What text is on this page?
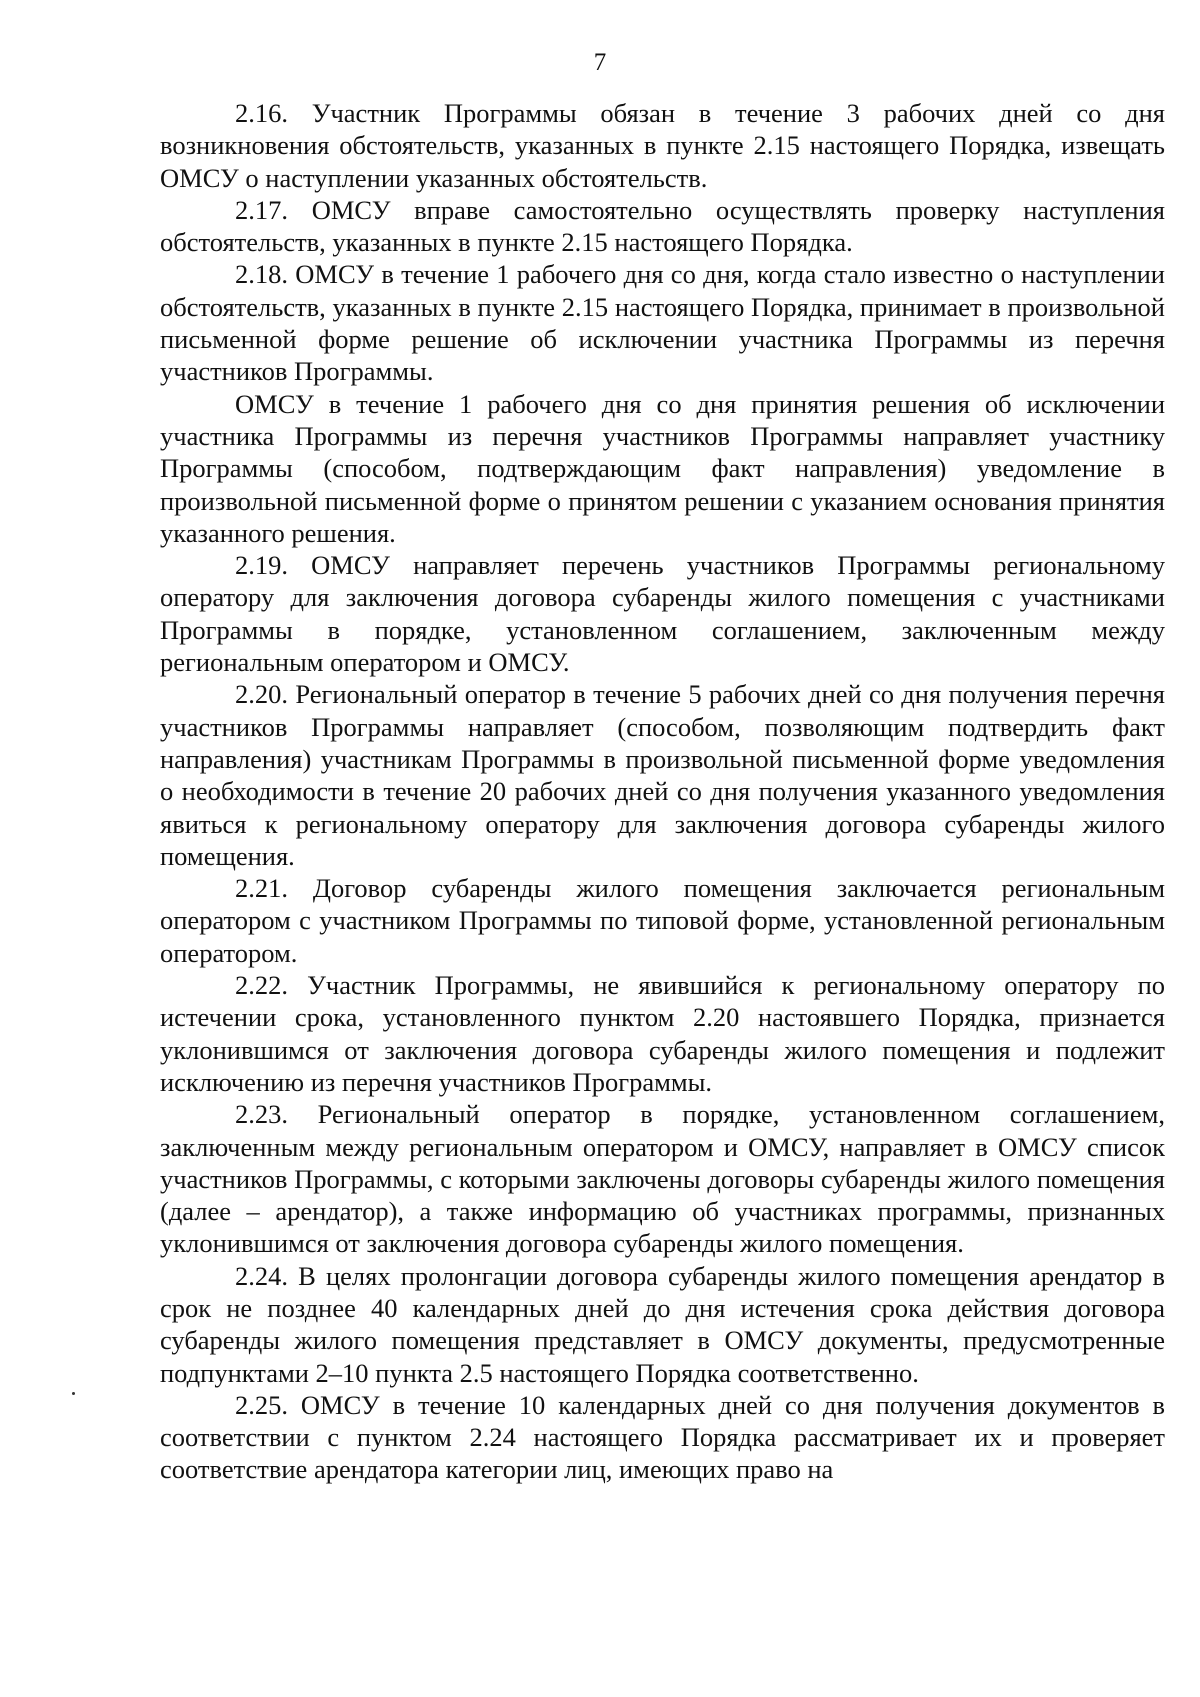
7

2.16. Участник Программы обязан в течение 3 рабочих дней со дня возникновения обстоятельств, указанных в пункте 2.15 настоящего Порядка, извещать ОМСУ о наступлении указанных обстоятельств.

2.17. ОМСУ вправе самостоятельно осуществлять проверку наступления обстоятельств, указанных в пункте 2.15 настоящего Порядка.

2.18. ОМСУ в течение 1 рабочего дня со дня, когда стало известно о наступлении обстоятельств, указанных в пункте 2.15 настоящего Порядка, принимает в произвольной письменной форме решение об исключении участника Программы из перечня участников Программы.

ОМСУ в течение 1 рабочего дня со дня принятия решения об исключении участника Программы из перечня участников Программы направляет участнику Программы (способом, подтверждающим факт направления) уведомление в произвольной письменной форме о принятом решении с указанием основания принятия указанного решения.

2.19. ОМСУ направляет перечень участников Программы региональному оператору для заключения договора субаренды жилого помещения с участниками Программы в порядке, установленном соглашением, заключенным между региональным оператором и ОМСУ.

2.20. Региональный оператор в течение 5 рабочих дней со дня получения перечня участников Программы направляет (способом, позволяющим подтвердить факт направления) участникам Программы в произвольной письменной форме уведомления о необходимости в течение 20 рабочих дней со дня получения указанного уведомления явиться к региональному оператору для заключения договора субаренды жилого помещения.

2.21. Договор субаренды жилого помещения заключается региональным оператором с участником Программы по типовой форме, установленной региональным оператором.

2.22. Участник Программы, не явившийся к региональному оператору по истечении срока, установленного пунктом 2.20 настоявшего Порядка, признается уклонившимся от заключения договора субаренды жилого помещения и подлежит исключению из перечня участников Программы.

2.23. Региональный оператор в порядке, установленном соглашением, заключенным между региональным оператором и ОМСУ, направляет в ОМСУ список участников Программы, с которыми заключены договоры субаренды жилого помещения (далее – арендатор), а также информацию об участниках программы, признанных уклонившимся от заключения договора субаренды жилого помещения.

2.24. В целях пролонгации договора субаренды жилого помещения арендатор в срок не позднее 40 календарных дней до дня истечения срока действия договора субаренды жилого помещения представляет в ОМСУ документы, предусмотренные подпунктами 2–10 пункта 2.5 настоящего Порядка соответственно.

2.25. ОМСУ в течение 10 календарных дней со дня получения документов в соответствии с пунктом 2.24 настоящего Порядка рассматривает их и проверяет соответствие арендатора категории лиц, имеющих право на
